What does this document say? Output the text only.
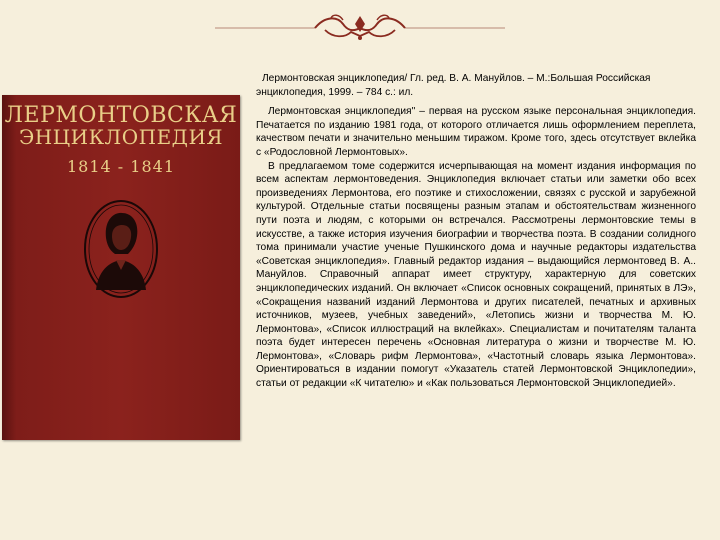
ЛЕРМОНТОВСКАЯ
ЭНЦИКЛОПЕДИЯ
1814 - 1841

Лермонтовская энциклопедия/ Гл. ред. В. А. Мануйлов. – М.:Большая Российская энциклопедия, 1999. – 784 с.: ил.

Лермонтовская энциклопедия" – первая на русском языке персональная энциклопедия. Печатается по изданию 1981 года, от которого отличается лишь оформлением переплета, качеством печати и значительно меньшим тиражом. Кроме того, здесь отсутствует вклейка с «Родословной Лермонтовых».

В предлагаемом томе содержится исчерпывающая на момент издания информация по всем аспектам лермонтоведения. Энциклопедия включает статьи или заметки обо всех произведениях Лермонтова, его поэтике и стихосложении, связях с русской и зарубежной культурой. Отдельные статьи посвящены разным этапам и обстоятельствам жизненного пути поэта и людям, с которыми он встречался. Рассмотрены лермонтовские темы в искусстве, а также история изучения биографии и творчества поэта. В создании солидного тома принимали участие ученые Пушкинского дома и научные редакторы издательства «Советская энциклопедия». Главный редактор издания – выдающийся лермонтовед В. А.. Мануйлов. Справочный аппарат имеет структуру, характерную для советских энциклопедических изданий. Он включает «Список основных сокращений, принятых в ЛЭ», «Сокращения названий изданий Лермонтова и других писателей, печатных и архивных источников, музеев, учебных заведений», «Летопись жизни и творчества М. Ю. Лермонтова», «Список иллюстраций на вклейках». Специалистам и почитателям таланта поэта будет интересен перечень «Основная литература о жизни и творчестве М. Ю. Лермонтова», «Словарь рифм Лермонтова», «Частотный словарь языка Лермонтова». Ориентироваться в издании помогут «Указатель статей Лермонтовской Энциклопедии», статьи от редакции «К читателю» и «Как пользоваться Лермонтовской Энциклопедией».
